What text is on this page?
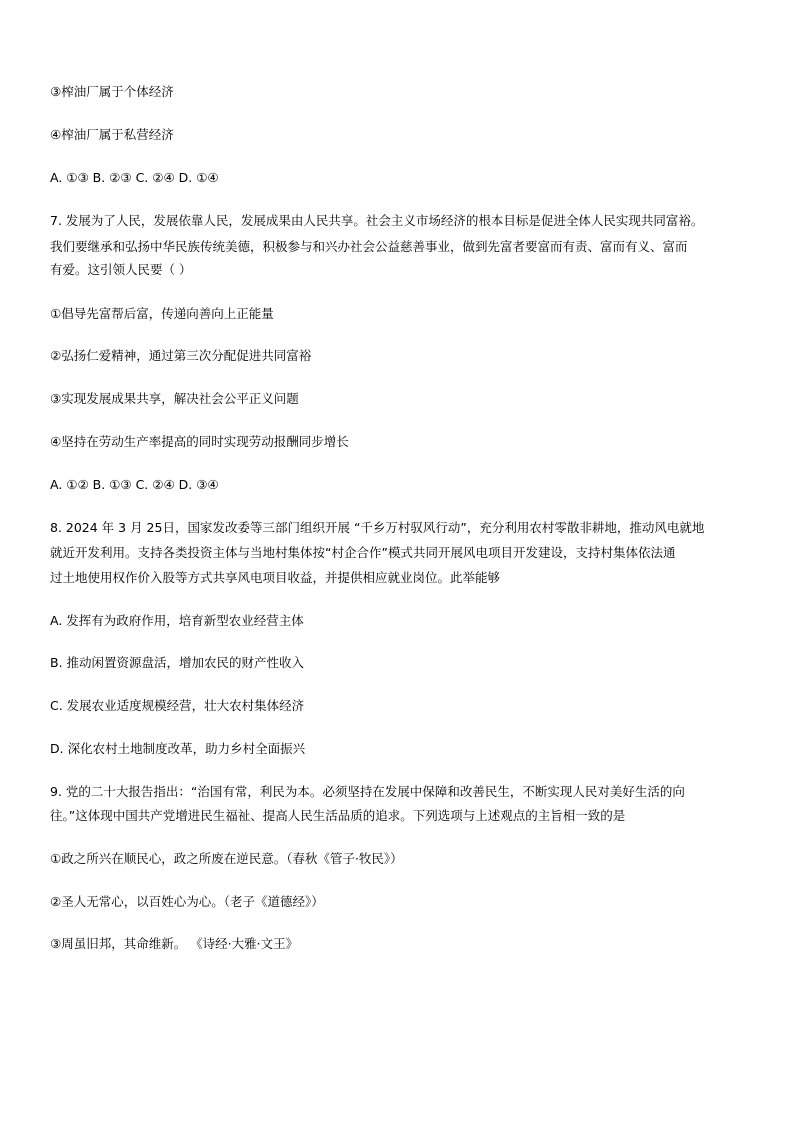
③榨油厂属于个体经济
④榨油厂属于私营经济
A. ①③ B. ②③ C. ②④ D. ①④
7. 发展为了人民，发展依靠人民，发展成果由人民共享。社会主义市场经济的根本目标是促进全体人民实现共同富裕。
我们要继承和弘扬中华民族传统美德，积极参与和兴办社会公益慈善事业，做到先富者要富而有责、富而有义、富而
有爱。这引领人民要（ ）
①倡导先富帮后富，传递向善向上正能量
②弘扬仁爱精神，通过第三次分配促进共同富裕
③实现发展成果共享，解决社会公平正义问题
④坚持在劳动生产率提高的同时实现劳动报酬同步增长
A. ①② B. ①③ C. ②④ D. ③④
8. 2024 年 3 月 25日，国家发改委等三部门组织开展 “千乡万村驭风行动”，充分利用农村零散非耕地，推动风电就地
就近开发利用。支持各类投资主体与当地村集体按“村企合作”模式共同开展风电项目开发建设，支持村集体依法通
过土地使用权作价入股等方式共享风电项目收益，并提供相应就业岗位。此举能够
A. 发挥有为政府作用，培育新型农业经营主体
B. 推动闲置资源盘活，增加农民的财产性收入
C. 发展农业适度规模经营，壮大农村集体经济
D. 深化农村土地制度改革，助力乡村全面振兴
9. 党的二十大报告指出：“治国有常，利民为本。必须坚持在发展中保障和改善民生，不断实现人民对美好生活的向
往。”这体现中国共产党增进民生福祉、提高人民生活品质的追求。下列选项与上述观点的主旨相一致的是
①政之所兴在顺民心，政之所废在逆民意。（春秋《管子·牧民》）
②圣人无常心，以百姓心为心。（老子《道德经》）
③周虽旧邦，其命维新。 《诗经·大雅·文王》
